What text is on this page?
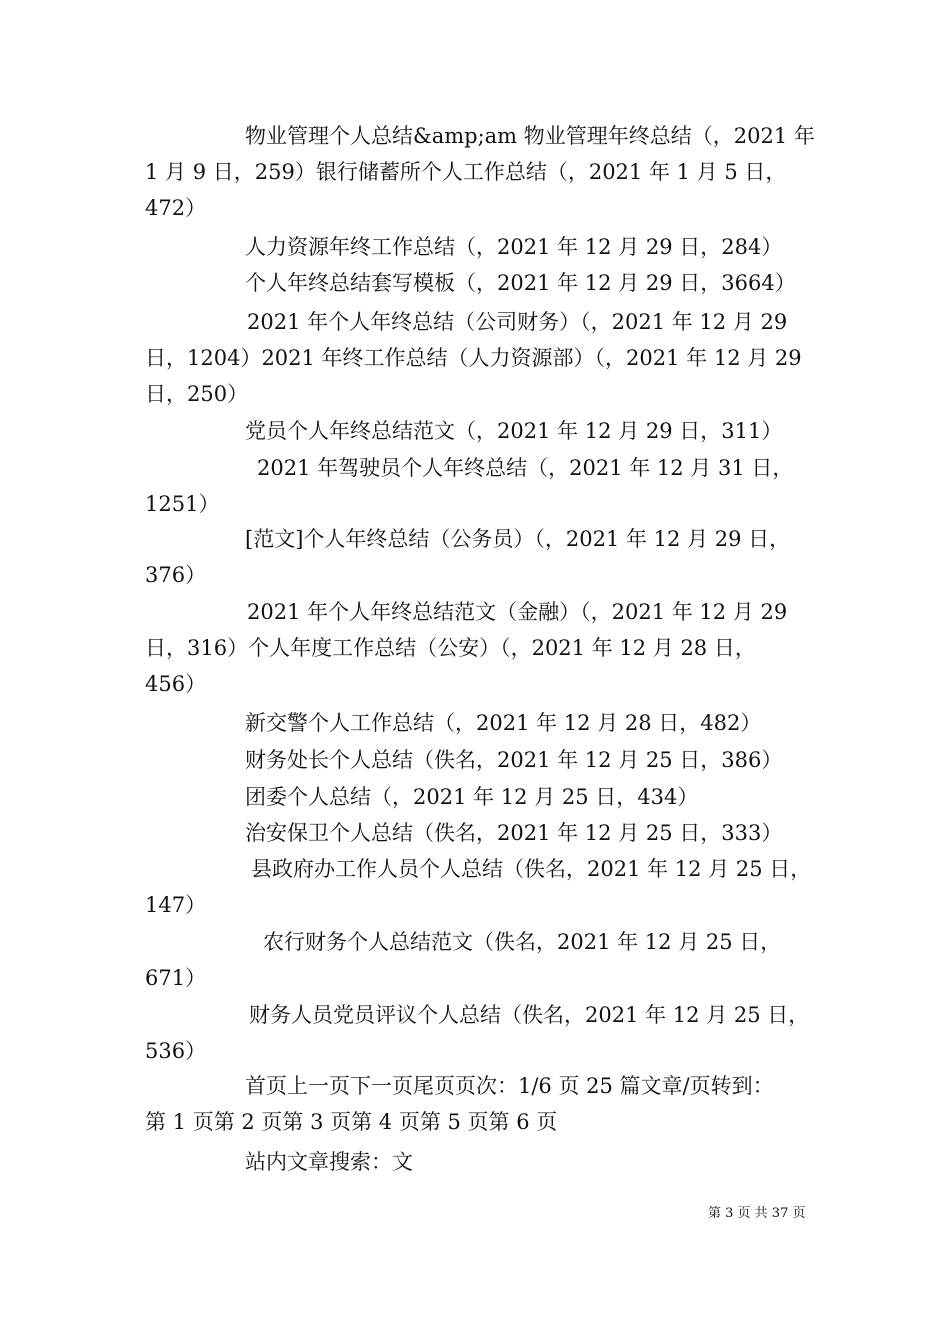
物业管理个人总结&amp;am 物业管理年终总结（，2021 年
1 月 9 日，259）银行储蓄所个人工作总结（，2021 年 1 月 5 日，
472）
人力资源年终工作总结（，2021 年 12 月 29 日，284）
个人年终总结套写模板（，2021 年 12 月 29 日，3664）
2021 年个人年终总结（公司财务）（，2021 年 12 月 29
日，1204）2021 年终工作总结（人力资源部）（，2021 年 12 月 29
日，250）
党员个人年终总结范文（，2021 年 12 月 29 日，311）
2021 年驾驶员个人年终总结（，2021 年 12 月 31 日，
1251）
[范文]个人年终总结（公务员）（，2021 年 12 月 29 日，
376）
2021 年个人年终总结范文（金融）（，2021 年 12 月 29
日，316）个人年度工作总结（公安）（，2021 年 12 月 28 日，
456）
新交警个人工作总结（，2021 年 12 月 28 日，482）
财务处长个人总结（佚名，2021 年 12 月 25 日，386）
团委个人总结（，2021 年 12 月 25 日，434）
治安保卫个人总结（佚名，2021 年 12 月 25 日，333）
县政府办工作人员个人总结（佚名，2021 年 12 月 25 日，
147）
农行财务个人总结范文（佚名，2021 年 12 月 25 日，
671）
财务人员党员评议个人总结（佚名，2021 年 12 月 25 日，
536）
首页上一页下一页尾页页次：1/6 页 25 篇文章/页转到：
第 1 页第 2 页第 3 页第 4 页第 5 页第 6 页
站内文章搜索：文
第 3 页 共 37 页
